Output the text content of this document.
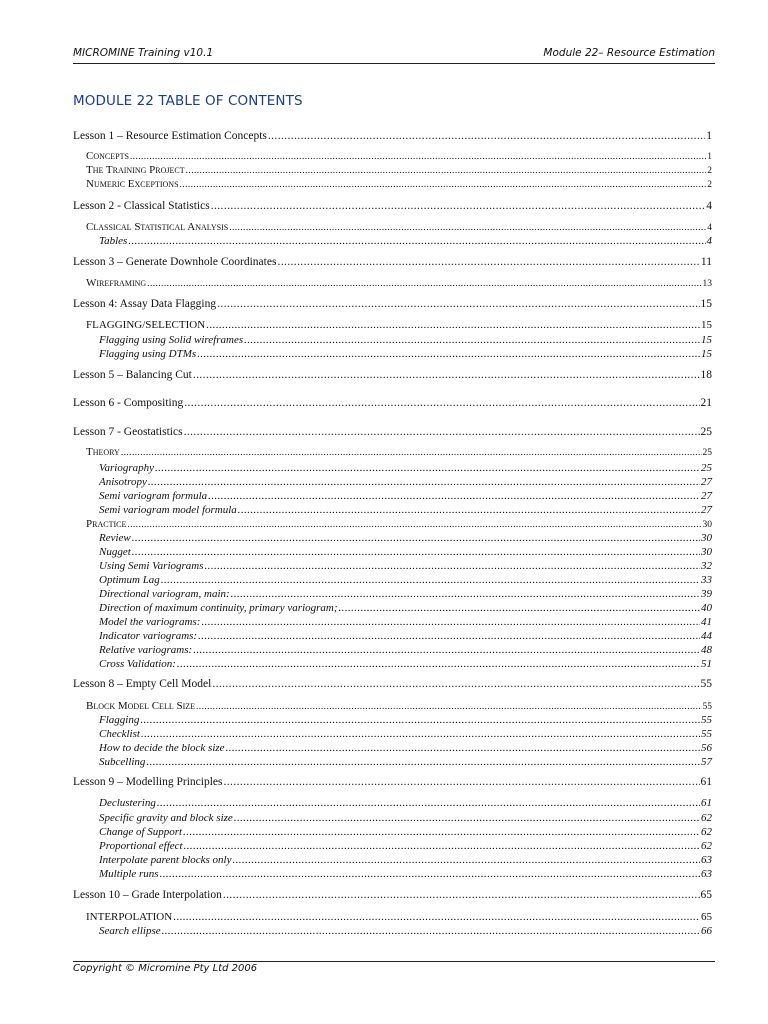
MICROMINE Training v10.1	Module 22– Resource Estimation
MODULE 22 TABLE OF CONTENTS
Lesson 1 – Resource Estimation Concepts .....	1
Concepts .....	1
The Training Project .....	2
Numeric Exceptions .....	2
Lesson 2 - Classical Statistics .....	4
Classical Statistical Analysis .....	4
Tables .....	4
Lesson 3 – Generate Downhole Coordinates .....	11
Wireframing .....	13
Lesson 4: Assay Data Flagging .....	15
FLAGGING/SELECTION .....	15
Flagging using Solid wireframes .....	15
Flagging using DTMs .....	15
Lesson 5 – Balancing Cut .....	18
Lesson 6 - Compositing .....	21
Lesson 7 - Geostatistics .....	25
Theory .....	25
Variography .....	25
Anisotropy .....	27
Semi variogram formula .....	27
Semi variogram model formula .....	27
Practice .....	30
Review .....	30
Nugget .....	30
Using Semi Variograms .....	32
Optimum Lag .....	33
Directional variogram, main: .....	39
Direction of maximum continuity, primary variogram; .....	40
Model the variograms: .....	41
Indicator variograms: .....	44
Relative variograms: .....	48
Cross Validation: .....	51
Lesson 8 – Empty Cell Model .....	55
Block Model Cell Size .....	55
Flagging .....	55
Checklist .....	55
How to decide the block size .....	56
Subcelling .....	57
Lesson 9 – Modelling Principles .....	61
Declustering .....	61
Specific gravity and block size .....	62
Change of Support .....	62
Proportional effect .....	62
Interpolate parent blocks only .....	63
Multiple runs .....	63
Lesson 10 – Grade Interpolation .....	65
INTERPOLATION .....	65
Search ellipse .....	66
Copyright © Micromine Pty Ltd 2006
